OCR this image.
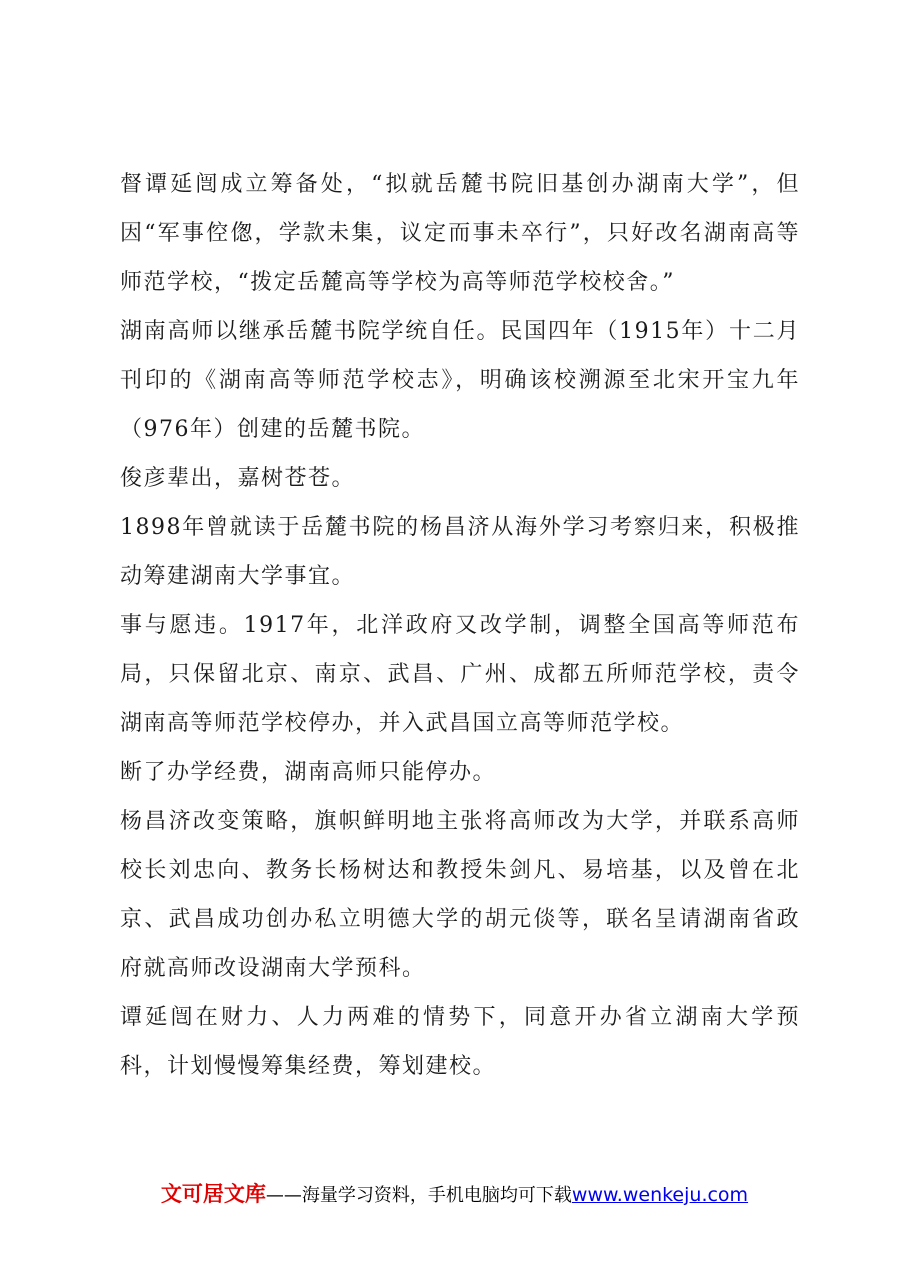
督谭延闿成立筹备处，“拟就岳麓书院旧基创办湖南大学”，但因“军事倥偬，学款未集，议定而事未卒行”，只好改名湖南高等师范学校，“拨定岳麓高等学校为高等师范学校校舍。”

湖南高师以继承岳麓书院学统自任。民国四年（1915年）十二月刊印的《湖南高等师范学校志》，明确该校溯源至北宋开宝九年（976年）创建的岳麓书院。

俊彦辈出，嘉树苍苍。

1898年曾就读于岳麓书院的杨昌济从海外学习考察归来，积极推动筹建湖南大学事宜。

事与愿违。1917年，北洋政府又改学制，调整全国高等师范布局，只保留北京、南京、武昌、广州、成都五所师范学校，责令湖南高等师范学校停办，并入武昌国立高等师范学校。

断了办学经费，湖南高师只能停办。

杨昌济改变策略，旗帜鲜明地主张将高师改为大学，并联系高师校长刘忠向、教务长杨树达和教授朱剑凡、易培基，以及曾在北京、武昌成功创办私立明德大学的胡元倓等，联名呈请湖南省政府就高师改设湖南大学预科。

谭延闿在财力、人力两难的情势下，同意开办省立湖南大学预科，计划慢慢筹集经费，筹划建校。

文可居文库——海量学习资料，手机电脑均可下载www.wenkeju.com
